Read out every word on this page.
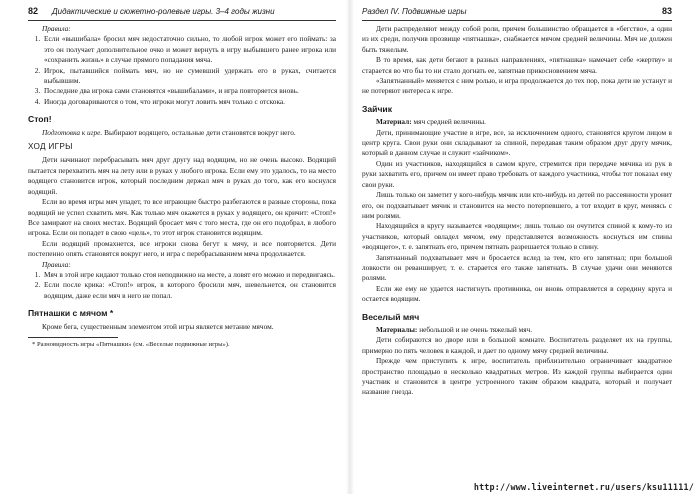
82 Дидактические и сюжетно-ролевые игры. 3–4 годы жизни

Правила:

1. Если «вышибала» бросил мяч недостаточно сильно, то любой игрок может его поймать: за это он получает дополнительное очко и может вернуть в игру выбывшего ранее игрока или «сохранить жизнь» в случае прямого попадания мяча.
2. Игрок, пытавшийся поймать мяч, но не сумевший удержать его в руках, считается выбывшим.
3. Последние два игрока сами становятся «вышибалами», и игра повторяется вновь.
4. Иногда договариваются о том, что игроки могут ловить мяч только с отскока.
Стоп!

Подготовка к игре. Выбирают водящего, остальные дети становятся вокруг него.

ХОД ИГРЫ

Дети начинают перебрасывать мяч друг другу над водящим, но не очень высоко. Водящий пытается перехватить мяч на лету или в руках у любого игрока. Если ему это удалось, то на место водящего становится игрок, который последним держал мяч в руках до того, как его коснулся водящий.

Если во время игры мяч упадет, то все играющие быстро разбегаются в разные стороны, пока водящий не успел схватить мяч. Как только мяч окажется в руках у водящего, он кричит: «Стоп!» Все замирают на своих местах. Водящий бросает мяч с того места, где он его подобрал, в любого игрока. Если он попадет в свою «цель», то этот игрок становится водящим.

Если водящий промахнется, все игроки снова бегут к мячу, и все повторяется. Дети постепенно опять становятся вокруг него, и игра с перебрасыванием мяча продолжается.

Правила:

1. Мяч в этой игре кидают только стоя неподвижно на месте, а ловят его можно и передвигаясь.
2. Если после крика: «Стоп!» игрок, в которого бросили мяч, шевельнется, он становится водящим, даже если мяч в него не попал.
Пятнашки с мячом *

Кроме бега, существенным элементом этой игры является метание мячом.

* Разновидность игры «Пятнашки» (см. «Веселые подвижные игры»).

Раздел IV. Подвижные игры	83

Дети распределяют между собой роли, причем большинство обращается в «бегство», а один из их среди, получив прозвище «пятнашка», снабжается мячом средней величины. Мяч не должен быть тяжелым.

В то время, как дети бегают в разных направлениях, «пятнашка» намечает себе «жертву» и старается во что бы то ни стало догнать ее, запятнав прикосновением мяча.

«Запятнанный» меняется с ним ролью, и игра продолжается до тех пор, пока дети не устанут и не потеряют интереса к игре.

Зайчик

Материал: мяч средней величины.

Дети, принимающие участие в игре, все, за исключением одного, становятся кругом лицом в центр круга. Свои руки они складывают за спиной, передавая таким образом друг другу мячик, который в данном случае и служит «зайчиком».

Один из участников, находящийся в самом круге, стремится при передаче мячика из рук в руки захватить его, причем он имеет право требовать от каждого участника, чтобы тот показал ему свои руки.

Лишь только он заметит у кого-нибудь мячик или кто-нибудь из детей по рассеянности уронит его, он подхватывает мячик и становится на место потерпевшего, а тот входит в круг, меняясь с ним ролями.

Находящийся в кругу называется «водящим»; лишь только он очутится спиной к кому-то из участников, который овладел мячом, ему представляется возможность коснуться им спины «водящего», т. е. запятнать его, причем пятнать разрешается только в спину.

Запятнанный подхватывает мяч и бросается вслед за тем, кто его запятнал; при большой ловкости он реванширует, т. е. старается его также запятнать. В случае удачи они меняются ролями.

Если же ему не удается настигнуть противника, он вновь отправляется в середину круга и остается водящим.

Веселый мяч

Материалы: небольшой и не очень тяжелый мяч.

Дети собираются во дворе или в большой комнате. Воспитатель разделяет их на группы, примерно по пять человек в каждой, и дает по одному мячу средней величины.

Прежде чем приступить к игре, воспитатель приблизительно ограничивает квадратное пространство площадью в несколько квадратных метров. Из каждой группы выбирается один участник и становится в центре устроенного таким образом квадрата, который и получает название гнезда.

http://www.liveinternet.ru/users/ksu11111/
